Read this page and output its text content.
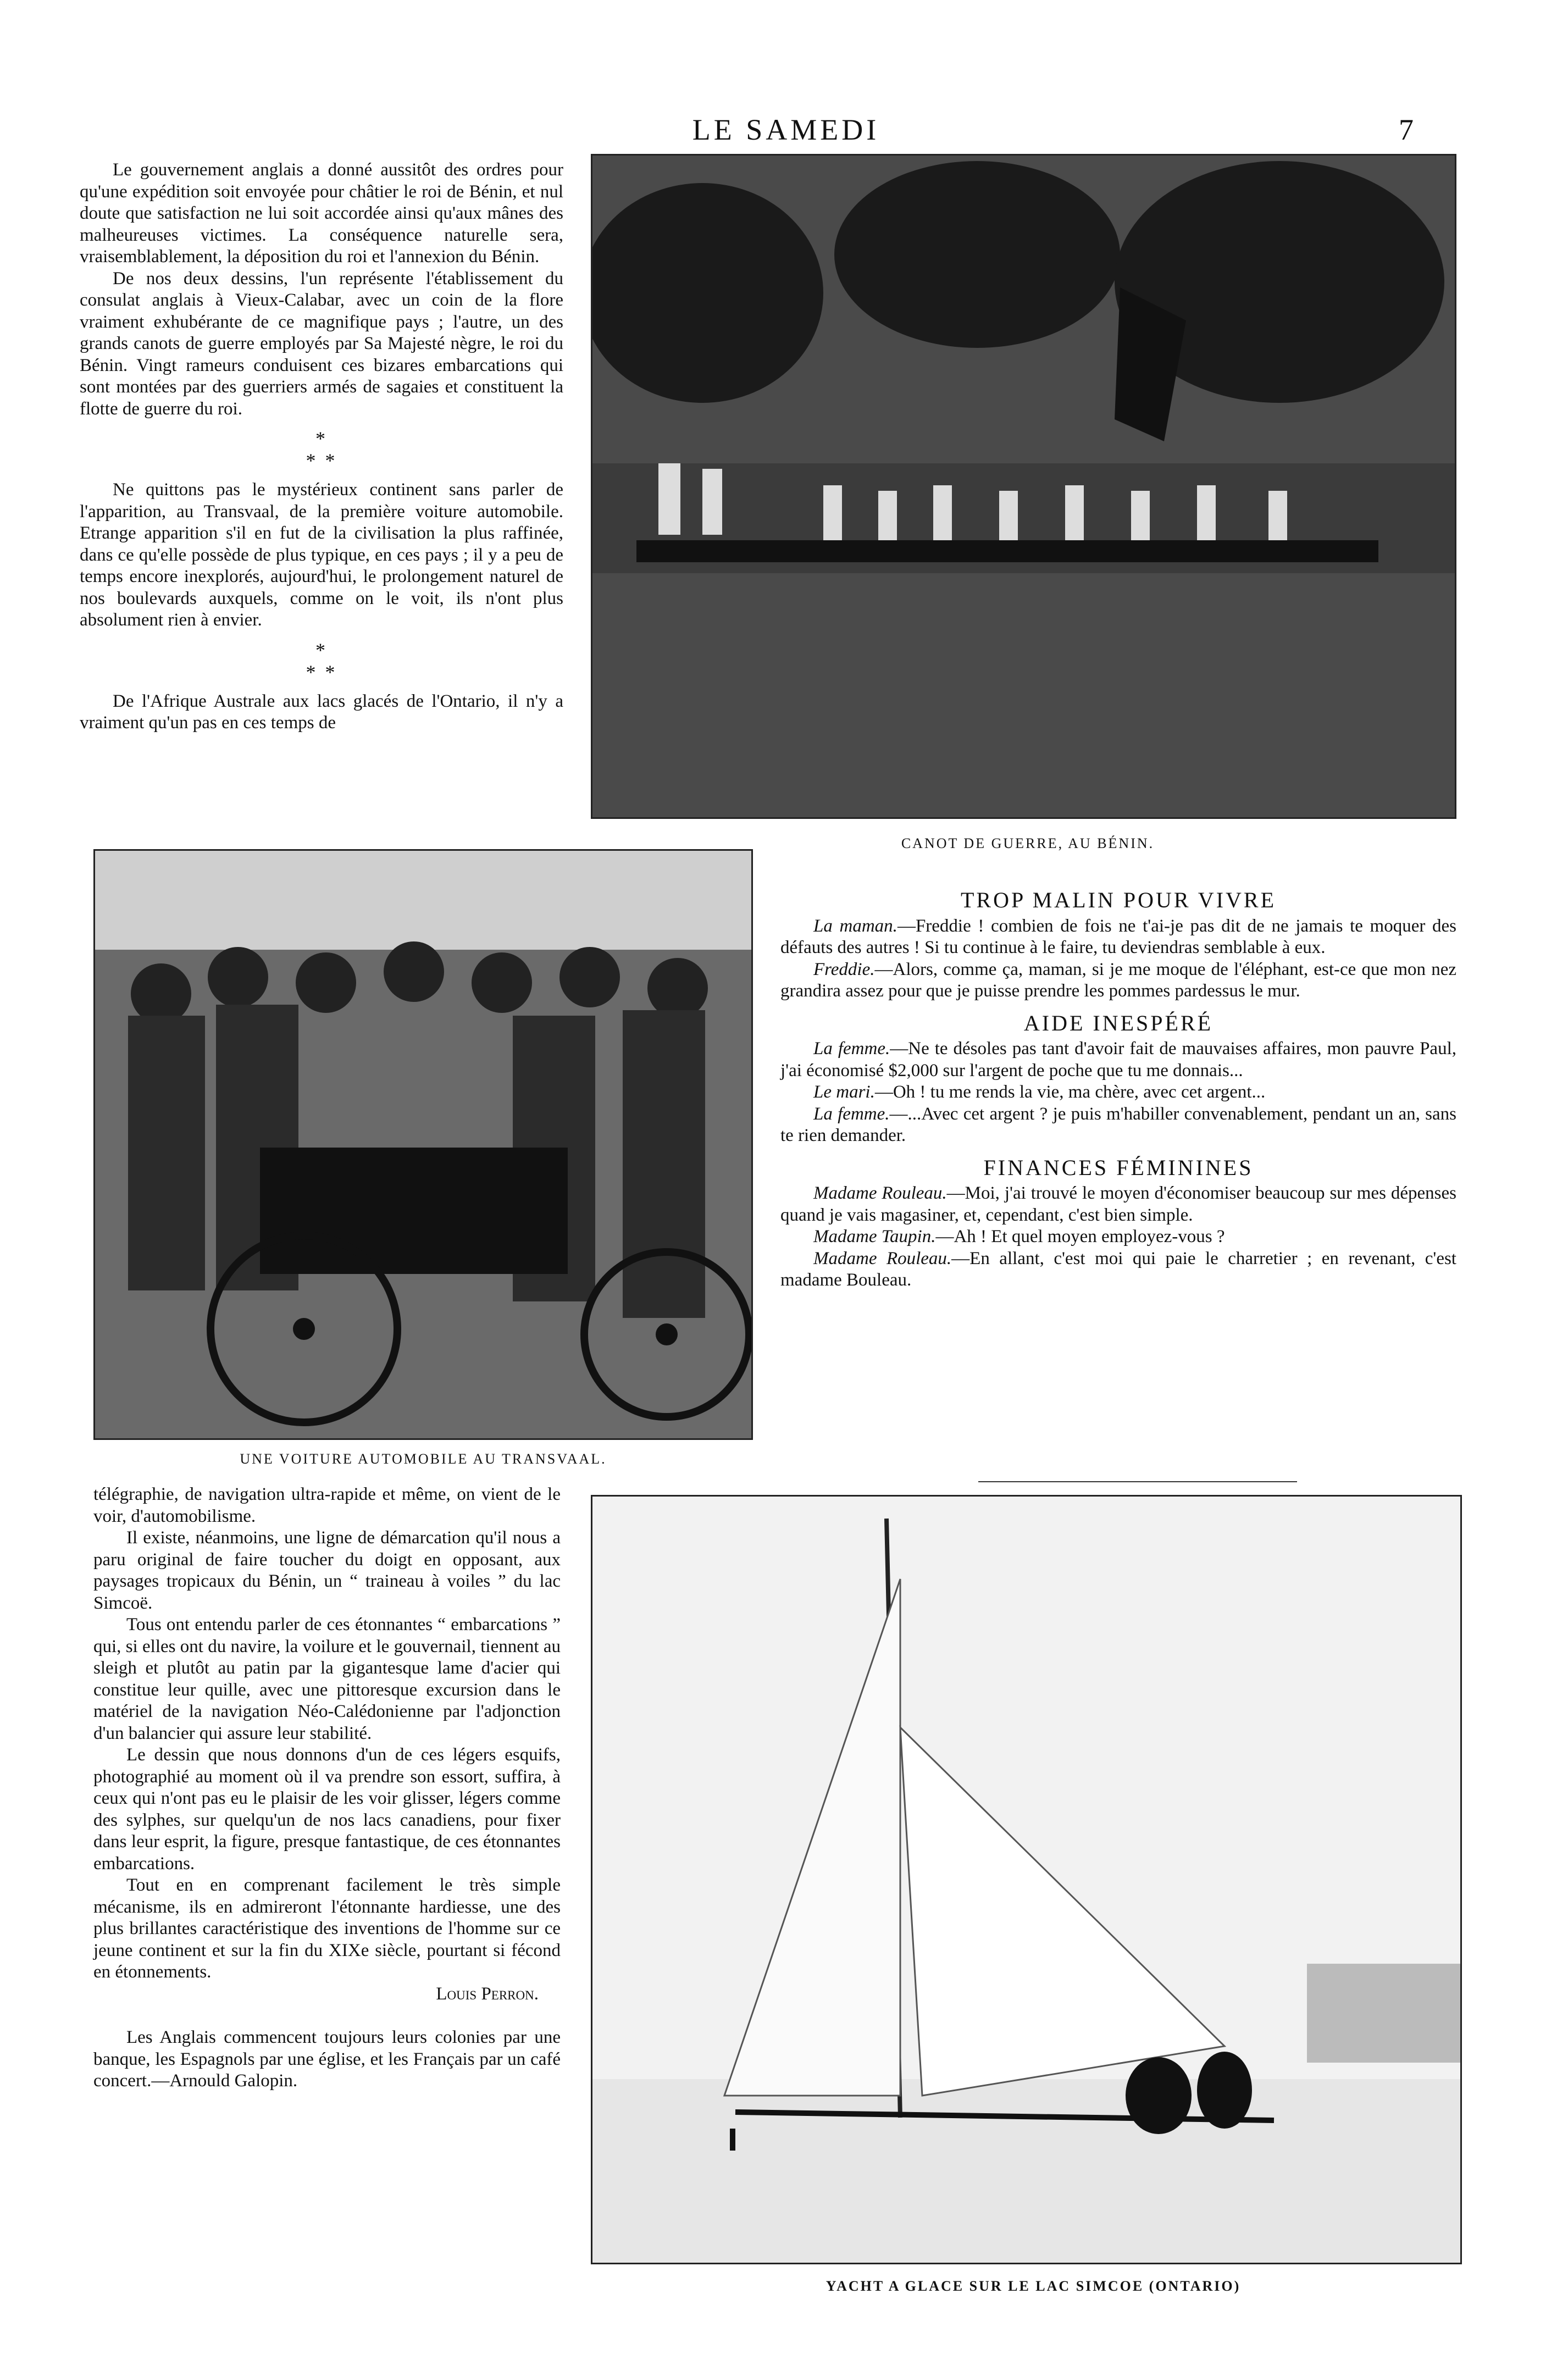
LE SAMEDI	7

Le gouvernement anglais a donné aussitôt des ordres pour qu'une expédition soit envoyée pour châtier le roi de Bénin, et nul doute que satisfaction ne lui soit accordée ainsi qu'aux mânes des malheureuses victimes. La conséquence naturelle sera, vraisemblablement, la déposition du roi et l'annexion du Bénin.

De nos deux dessins, l'un représente l'établissement du consulat anglais à Vieux-Calabar, avec un coin de la flore vraiment exhubérante de ce magnifique pays ; l'autre, un des grands canots de guerre employés par Sa Majesté nègre, le roi du Bénin. Vingt rameurs conduisent ces bizares embarcations qui sont montées par des guerriers armés de sagaies et constituent la flotte de guerre du roi.

*
* *

Ne quittons pas le mystérieux continent sans parler de l'apparition, au Transvaal, de la première voiture automobile. Etrange apparition s'il en fut de la civilisation la plus raffinée, dans ce qu'elle possède de plus typique, en ces pays ; il y a peu de temps encore inexplorés, aujourd'hui, le prolongement naturel de nos boulevards auxquels, comme on le voit, ils n'ont plus absolument rien à envier.

*
* *

De l'Afrique Australe aux lacs glacés de l'Ontario, il n'y a vraiment qu'un pas en ces temps de

CANOT DE GUERRE, AU BÉNIN.
UNE VOITURE AUTOMOBILE AU TRANSVAAL.
TROP MALIN POUR VIVRE

La maman.—Freddie ! combien de fois ne t'ai-je pas dit de ne jamais te moquer des défauts des autres ! Si tu continue à le faire, tu deviendras semblable à eux.

Freddie.—Alors, comme ça, maman, si je me moque de l'éléphant, est-ce que mon nez grandira assez pour que je puisse prendre les pommes pardessus le mur.

AIDE INESPÉRÉ

La femme.—Ne te désoles pas tant d'avoir fait de mauvaises affaires, mon pauvre Paul, j'ai économisé $2,000 sur l'argent de poche que tu me donnais...

Le mari.—Oh ! tu me rends la vie, ma chère, avec cet argent...

La femme.—...Avec cet argent ? je puis m'habiller convenablement, pendant un an, sans te rien demander.

FINANCES FÉMININES

Madame Rouleau.—Moi, j'ai trouvé le moyen d'économiser beaucoup sur mes dépenses quand je vais magasiner, et, cependant, c'est bien simple.

Madame Taupin.—Ah ! Et quel moyen employez-vous ?

Madame Rouleau.—En allant, c'est moi qui paie le charretier ; en revenant, c'est madame Bouleau.

télégraphie, de navigation ultra-rapide et même, on vient de le voir, d'automobilisme.

Il existe, néanmoins, une ligne de démarcation qu'il nous a paru original de faire toucher du doigt en opposant, aux paysages tropicaux du Bénin, un “ traineau à voiles ” du lac Simcoë.

Tous ont entendu parler de ces étonnantes “ embarcations ” qui, si elles ont du navire, la voilure et le gouvernail, tiennent au sleigh et plutôt au patin par la gigantesque lame d'acier qui constitue leur quille, avec une pittoresque excursion dans le matériel de la navigation Néo-Calédonienne par l'adjonction d'un balancier qui assure leur stabilité.

Le dessin que nous donnons d'un de ces légers esquifs, photographié au moment où il va prendre son essort, suffira, à ceux qui n'ont pas eu le plaisir de les voir glisser, légers comme des sylphes, sur quelqu'un de nos lacs canadiens, pour fixer dans leur esprit, la figure, presque fantastique, de ces étonnantes embarcations.

Tout en en comprenant facilement le très simple mécanisme, ils en admireront l'étonnante hardiesse, une des plus brillantes caractéristique des inventions de l'homme sur ce jeune continent et sur la fin du XIXe siècle, pourtant si fécond en étonnements.

Louis Perron.

Les Anglais commencent toujours leurs colonies par une banque, les Espagnols par une église, et les Français par un café concert.—Arnould Galopin.

YACHT A GLACE SUR LE LAC SIMCOE (ONTARIO)
